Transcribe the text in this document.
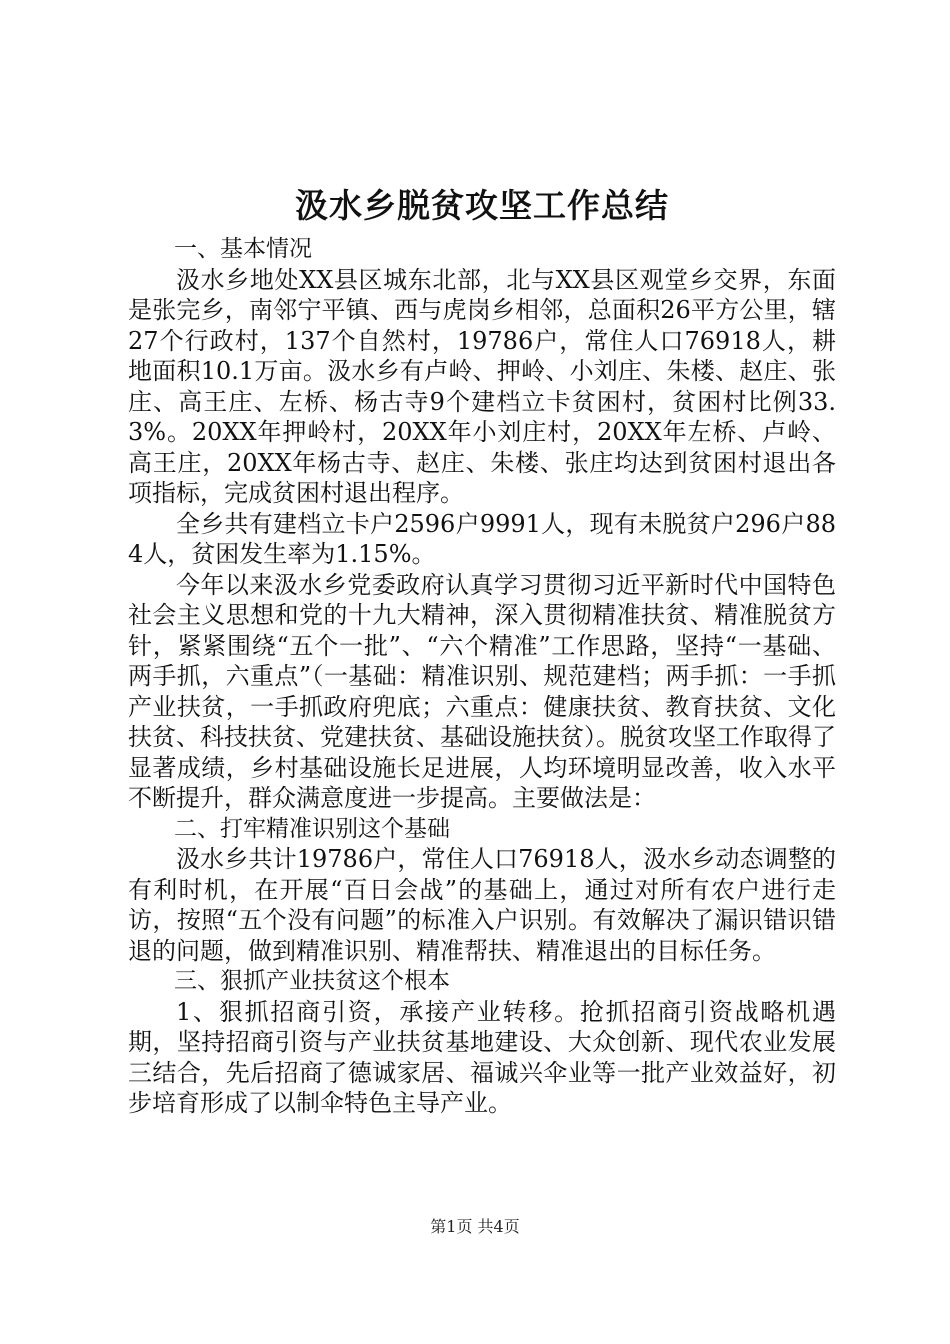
汲水乡脱贫攻坚工作总结

一、基本情况

汲水乡地处XX县区城东北部，北与XX县区观堂乡交界，东面是张完乡，南邻宁平镇、西与虎岗乡相邻，总面积26平方公里，辖27个行政村，137个自然村，19786户，常住人口76918人，耕地面积10.1万亩。汲水乡有卢岭、押岭、小刘庄、朱楼、赵庄、张庄、高王庄、左桥、杨古寺9个建档立卡贫困村，贫困村比例33.3%。20XX年押岭村，20XX年小刘庄村，20XX年左桥、卢岭、高王庄，20XX年杨古寺、赵庄、朱楼、张庄均达到贫困村退出各项指标，完成贫困村退出程序。

全乡共有建档立卡户2596户9991人，现有未脱贫户296户884人，贫困发生率为1.15%。

今年以来汲水乡党委政府认真学习贯彻习近平新时代中国特色社会主义思想和党的十九大精神，深入贯彻精准扶贫、精准脱贫方针，紧紧围绕“五个一批”、“六个精准”工作思路，坚持“一基础、两手抓，六重点”（一基础：精准识别、规范建档；两手抓：一手抓产业扶贫，一手抓政府兜底；六重点：健康扶贫、教育扶贫、文化扶贫、科技扶贫、党建扶贫、基础设施扶贫）。脱贫攻坚工作取得了显著成绩，乡村基础设施长足进展，人均环境明显改善，收入水平不断提升，群众满意度进一步提高。主要做法是：

二、打牢精准识别这个基础

汲水乡共计19786户，常住人口76918人，汲水乡动态调整的有利时机，在开展“百日会战”的基础上，通过对所有农户进行走访，按照“五个没有问题”的标准入户识别。有效解决了漏识错识错退的问题，做到精准识别、精准帮扶、精准退出的目标任务。

三、狠抓产业扶贫这个根本

1、狠抓招商引资，承接产业转移。抢抓招商引资战略机遇期，坚持招商引资与产业扶贫基地建设、大众创新、现代农业发展三结合，先后招商了德诚家居、福诚兴伞业等一批产业效益好，初步培育形成了以制伞特色主导产业。

第1页 共4页
